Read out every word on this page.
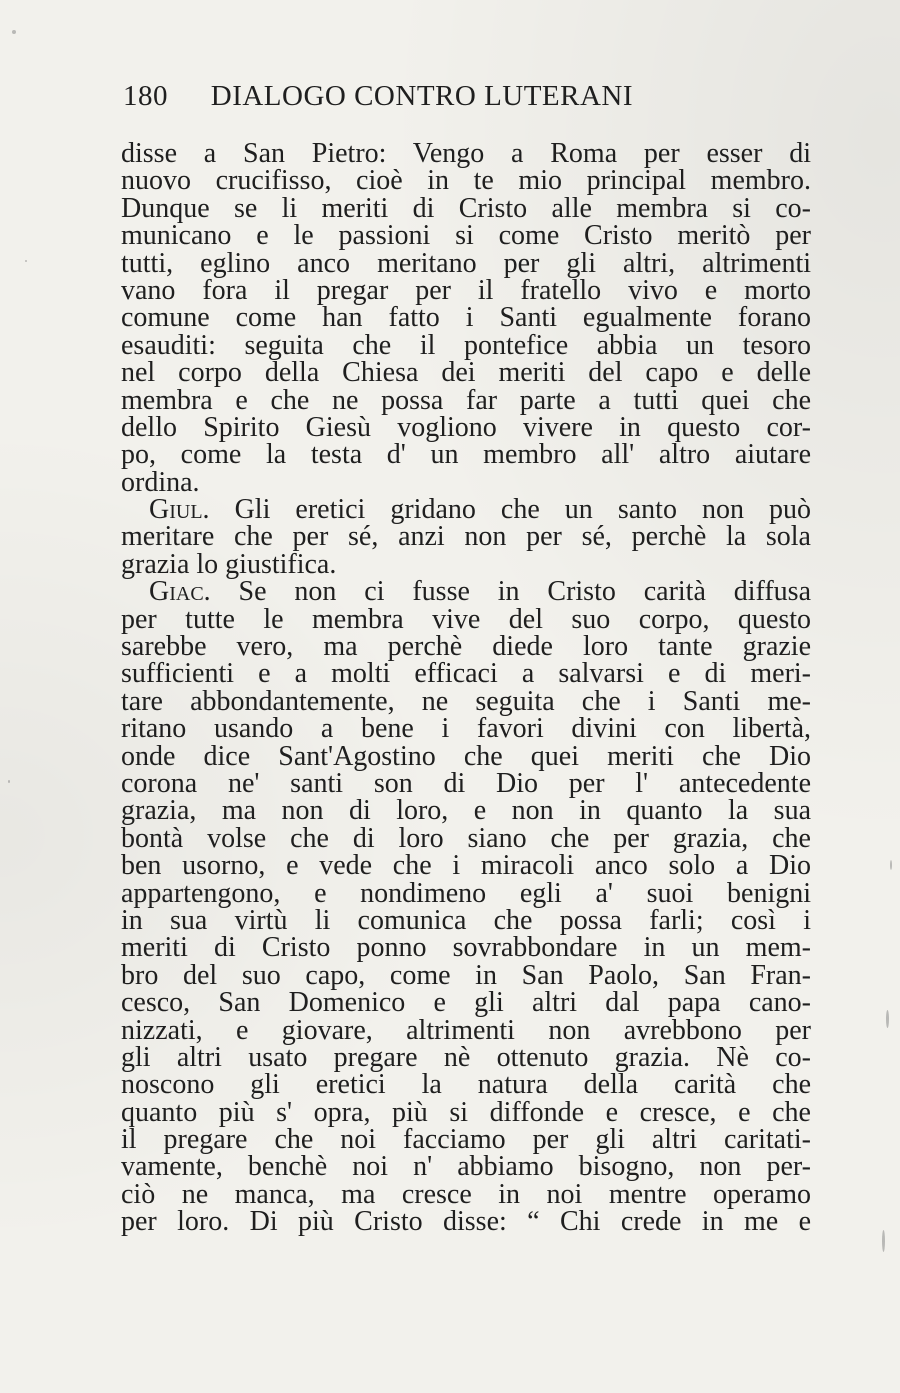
180 DIALOGO CONTRO LUTERANI
disse a San Pietro: Vengo a Roma per esser di
nuovo crucifisso, cioè in te mio principal membro.
Dunque se li meriti di Cristo alle membra si co-
municano e le passioni si come Cristo meritò per
tutti, eglino anco meritano per gli altri, altrimenti
vano fora il pregar per il fratello vivo e morto
comune come han fatto i Santi egualmente forano
esauditi: seguita che il pontefice abbia un tesoro
nel corpo della Chiesa dei meriti del capo e delle
membra e che ne possa far parte a tutti quei che
dello Spirito Giesù vogliono vivere in questo cor-
po, come la testa d' un membro all' altro aiutare
ordina.
Giul. Gli eretici gridano che un santo non può
meritare che per sé, anzi non per sé, perchè la sola
grazia lo giustifica.
Giac. Se non ci fusse in Cristo carità diffusa
per tutte le membra vive del suo corpo, questo
sarebbe vero, ma perchè diede loro tante grazie
sufficienti e a molti efficaci a salvarsi e di meri-
tare abbondantemente, ne seguita che i Santi me-
ritano usando a bene i favori divini con libertà,
onde dice Sant'Agostino che quei meriti che Dio
corona ne' santi son di Dio per l' antecedente
grazia, ma non di loro, e non in quanto la sua
bontà volse che di loro siano che per grazia, che
ben usorno, e vede che i miracoli anco solo a Dio
appartengono, e nondimeno egli a' suoi benigni
in sua virtù li comunica che possa farli; così i
meriti di Cristo ponno sovrabbondare in un mem-
bro del suo capo, come in San Paolo, San Fran-
cesco, San Domenico e gli altri dal papa cano-
nizzati, e giovare, altrimenti non avrebbono per
gli altri usato pregare nè ottenuto grazia. Nè co-
noscono gli eretici la natura della carità che
quanto più s' opra, più si diffonde e cresce, e che
il pregare che noi facciamo per gli altri caritati-
vamente, benchè noi n' abbiamo bisogno, non per-
ciò ne manca, ma cresce in noi mentre operamo
per loro. Di più Cristo disse: “ Chi crede in me e
